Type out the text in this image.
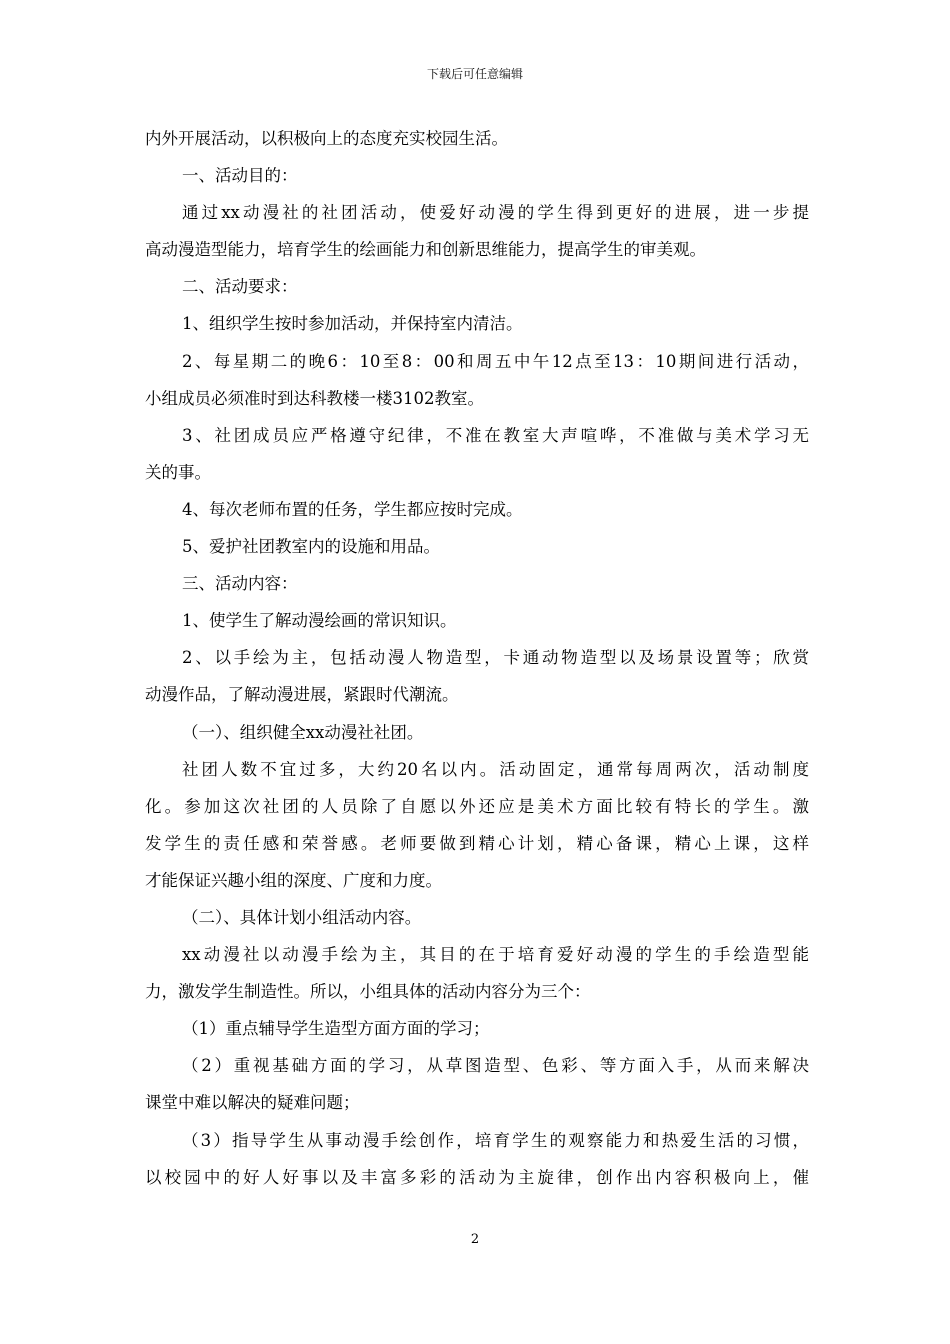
下载后可任意编辑
内外开展活动，以积极向上的态度充实校园生活。
一、活动目的：
通过xx动漫社的社团活动，使爱好动漫的学生得到更好的进展，进一步提
高动漫造型能力，培育学生的绘画能力和创新思维能力，提高学生的审美观。
二、活动要求：
1、组织学生按时参加活动，并保持室内清洁。
2、每星期二的晚6：10至8：00和周五中午12点至13：10期间进行活动，
小组成员必须准时到达科教楼一楼3102教室。
3、社团成员应严格遵守纪律，不准在教室大声喧哗，不准做与美术学习无
关的事。
4、每次老师布置的任务，学生都应按时完成。
5、爱护社团教室内的设施和用品。
三、活动内容：
1、使学生了解动漫绘画的常识知识。
2、以手绘为主，包括动漫人物造型，卡通动物造型以及场景设置等；欣赏
动漫作品，了解动漫进展，紧跟时代潮流。
（一）、组织健全xx动漫社社团。
社团人数不宜过多，大约20名以内。活动固定，通常每周两次，活动制度
化。参加这次社团的人员除了自愿以外还应是美术方面比较有特长的学生。激
发学生的责任感和荣誉感。老师要做到精心计划，精心备课，精心上课，这样
才能保证兴趣小组的深度、广度和力度。
（二）、具体计划小组活动内容。
xx动漫社以动漫手绘为主，其目的在于培育爱好动漫的学生的手绘造型能
力，激发学生制造性。所以，小组具体的活动内容分为三个：
（1）重点辅导学生造型方面方面的学习；
（2）重视基础方面的学习，从草图造型、色彩、等方面入手，从而来解决
课堂中难以解决的疑难问题；
（3）指导学生从事动漫手绘创作，培育学生的观察能力和热爱生活的习惯，
以校园中的好人好事以及丰富多彩的活动为主旋律，创作出内容积极向上，催
2
